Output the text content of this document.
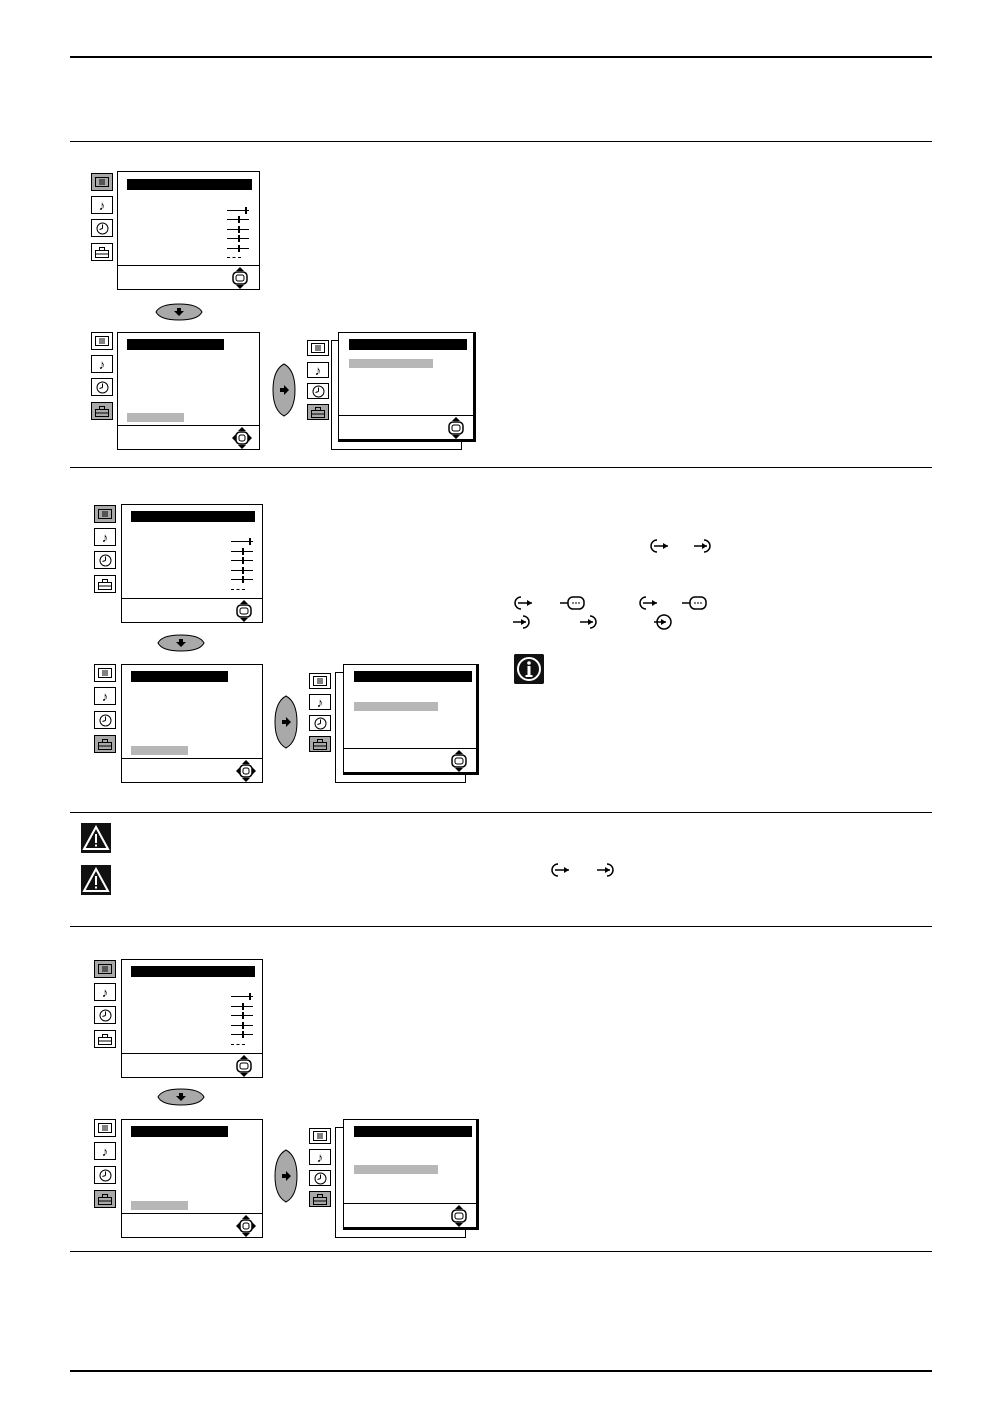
♪
♪	♪
♪
♪	♪
♪
♪	♪
